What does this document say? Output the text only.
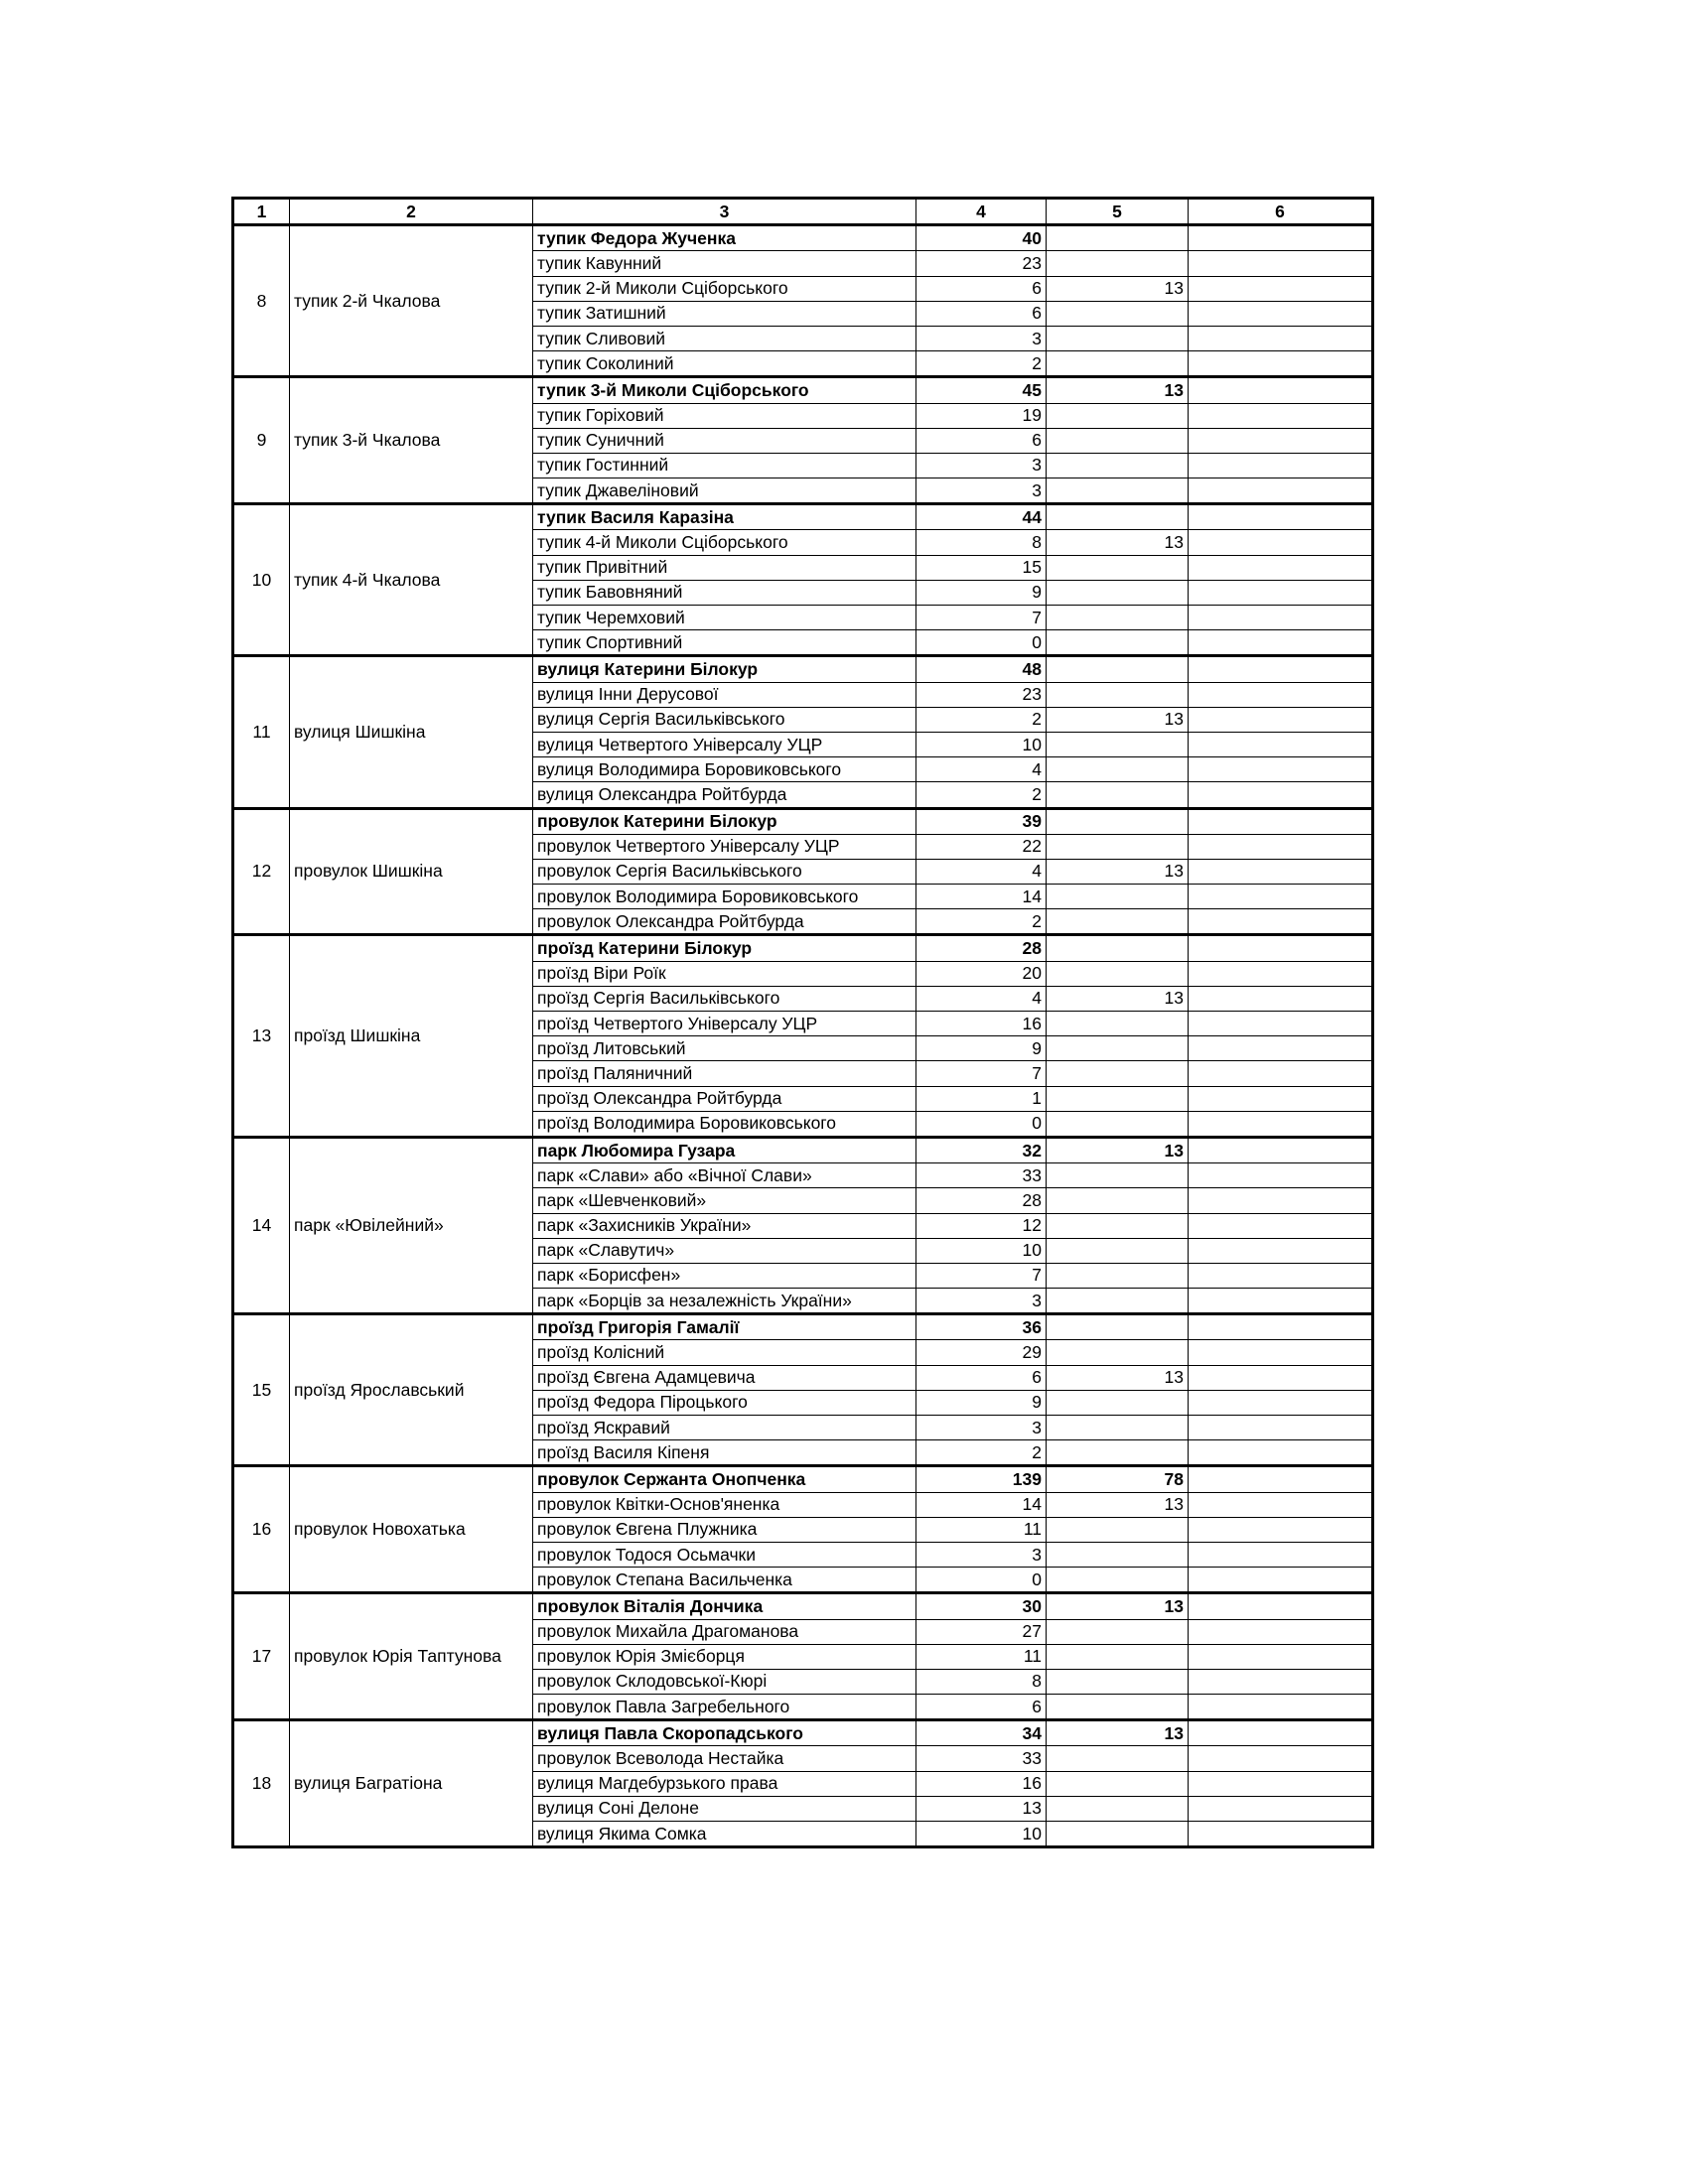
1	2	3	4	5	6
8	тупик 2-й Чкалова	тупик Федора Жученка	40		
		тупик Кавунний	23		
		тупик 2-й Миколи Сціборського	6	13	
		тупик Затишний	6		
		тупик Сливовий	3		
		тупик Соколиний	2		
9	тупик 3-й Чкалова	тупик 3-й Миколи Сціборського	45	13	
		тупик Горіховий	19		
		тупик Суничний	6		
		тупик Гостинний	3		
		тупик Джавеліновий	3		
10	тупик 4-й Чкалова	тупик Василя Каразіна	44		
		тупик 4-й Миколи Сціборського	8	13	
		тупик Привітний	15		
		тупик Бавовняний	9		
		тупик Черемховий	7		
		тупик Спортивний	0		
11	вулиця Шишкіна	вулиця Катерини Білокур	48		
		вулиця Інни Дерусової	23		
		вулиця Сергія Васильківського	2	13	
		вулиця Четвертого Універсалу УЦР	10		
		вулиця Володимира Боровиковського	4		
		вулиця Олександра Ройтбурда	2		
12	провулок Шишкіна	провулок Катерини Білокур	39		
		провулок Четвертого Універсалу УЦР	22		
		провулок Сергія Васильківського	4	13	
		провулок Володимира Боровиковського	14		
		провулок Олександра Ройтбурда	2		
13	проїзд Шишкіна	проїзд Катерини Білокур	28		
		проїзд Віри Роїк	20		
		проїзд Сергія Васильківського	4	13	
		проїзд Четвертого Універсалу УЦР	16		
		проїзд Литовський	9		
		проїзд Паляничний	7		
		проїзд Олександра Ройтбурда	1		
		проїзд Володимира Боровиковського	0		
14	парк «Ювілейний»	парк Любомира Гузара	32	13	
		парк «Слави» або «Вічної Слави»	33		
		парк «Шевченковий»	28		
		парк «Захисників України»	12		
		парк «Славутич»	10		
		парк «Борисфен»	7		
		парк «Борців за незалежність України»	3		
15	проїзд Ярославський	проїзд Григорія Гамалії	36		
		проїзд Колісний	29		
		проїзд Євгена Адамцевича	6	13	
		проїзд Федора Піроцького	9		
		проїзд Яскравий	3		
		проїзд Василя Кіпеня	2		
16	провулок Новохатька	провулок Сержанта Онопченка	139	78	
		провулок Квітки-Основ'яненка	14	13	
		провулок Євгена Плужника	11		
		провулок Тодося Осьмачки	3		
		провулок Степана Васильченка	0		
17	провулок Юрія Таптунова	провулок Віталія Дончика	30	13	
		провулок Михайла Драгоманова	27		
		провулок Юрія Змієборця	11		
		провулок Склодовської-Кюрі	8		
		провулок Павла Загребельного	6		
18	вулиця Багратіона	вулиця Павла Скоропадського	34	13	
		провулок Всеволода Нестайка	33		
		вулиця Магдебурзького права	16		
		вулиця Соні Делоне	13		
		вулиця Якима Сомка	10		
